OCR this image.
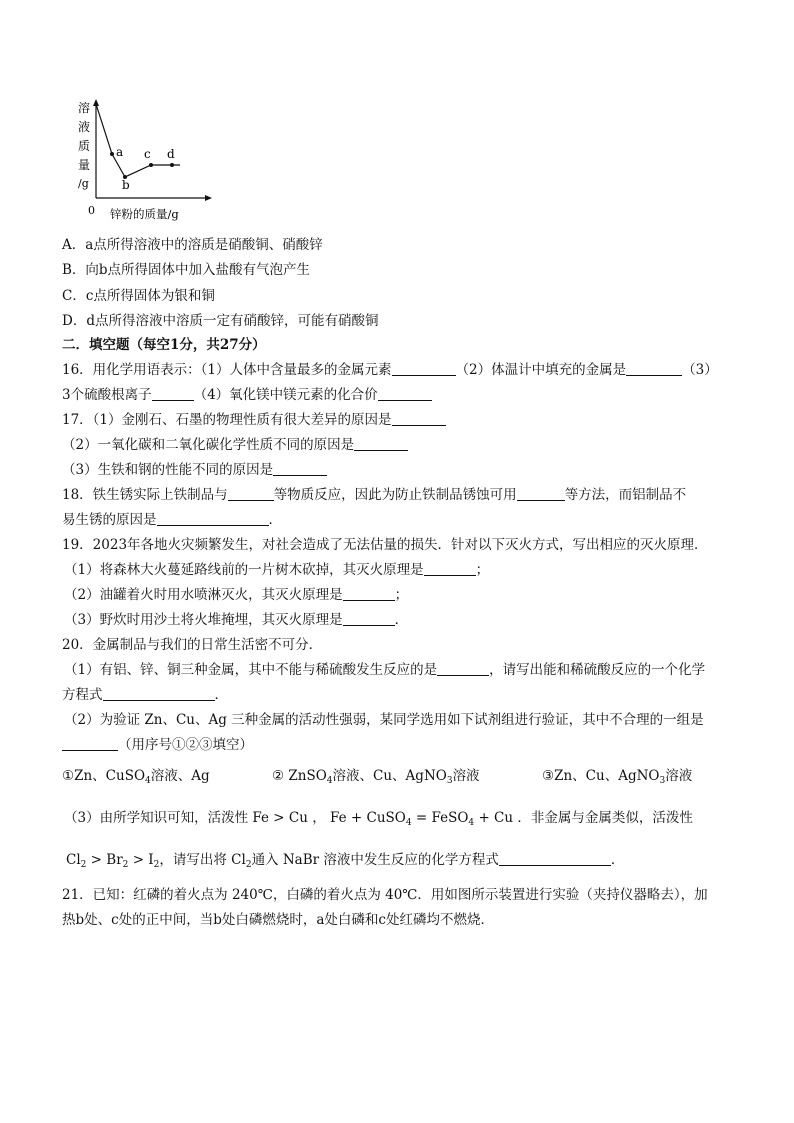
溶
液
质
量
/g
0 锌粉的质量/g
a
b
c d
A．a点所得溶液中的溶质是硝酸铜、硝酸锌
B．向b点所得固体中加入盐酸有气泡产生
C．c点所得固体为银和铜
D．d点所得溶液中溶质一定有硝酸锌，可能有硝酸铜
二．填空题（每空1分，共27分）
16．用化学用语表示：（1）人体中含量最多的金属元素	（2）体温计中填充的金属是	（3）
3个硫酸根离子	（4）氧化镁中镁元素的化合价
17．（1）金刚石、石墨的物理性质有很大差异的原因是
（2）一氧化碳和二氧化碳化学性质不同的原因是
（3）生铁和钢的性能不同的原因是
18．铁生锈实际上铁制品与	等物质反应，因此为防止铁制品锈蚀可用	等方法，而铝制品不
易生锈的原因是	．
19．2023年各地火灾频繁发生，对社会造成了无法估量的损失．针对以下灭火方式，写出相应的灭火原理．
（1）将森林大火蔓延路线前的一片树木砍掉，其灭火原理是	；
（2）油罐着火时用水喷淋灭火，其灭火原理是	；
（3）野炊时用沙土将火堆掩埋，其灭火原理是	．
20．金属制品与我们的日常生活密不可分．
（1）有铝、锌、铜三种金属，其中不能与稀硫酸发生反应的是	，请写出能和稀硫酸反应的一个化学
方程式	．
（2）为验证 Zn、Cu、Ag 三种金属的活动性强弱，某同学选用如下试剂组进行验证，其中不合理的一组是
（用序号①②③填空）
①Zn、CuSO$_4$溶液、Ag	② ZnSO$_4$溶液、Cu、AgNO$_3$溶液	③Zn、Cu、AgNO$_3$溶液
（3）由所学知识可知，活泼性 Fe > Cu ， Fe + CuSO$_4$ = FeSO$_4$ + Cu ．非金属与金属类似，活泼性
$Cl_2 > Br_2 > I_2$，请写出将 $Cl_2$通入 NaBr 溶液中发生反应的化学方程式	．
21．已知：红磷的着火点为 240℃，白磷的着火点为 40℃．用如图所示装置进行实验（夹持仪器略去），加
热b处、c处的正中间，当b处白磷燃烧时，a处白磷和c处红磷均不燃烧．
